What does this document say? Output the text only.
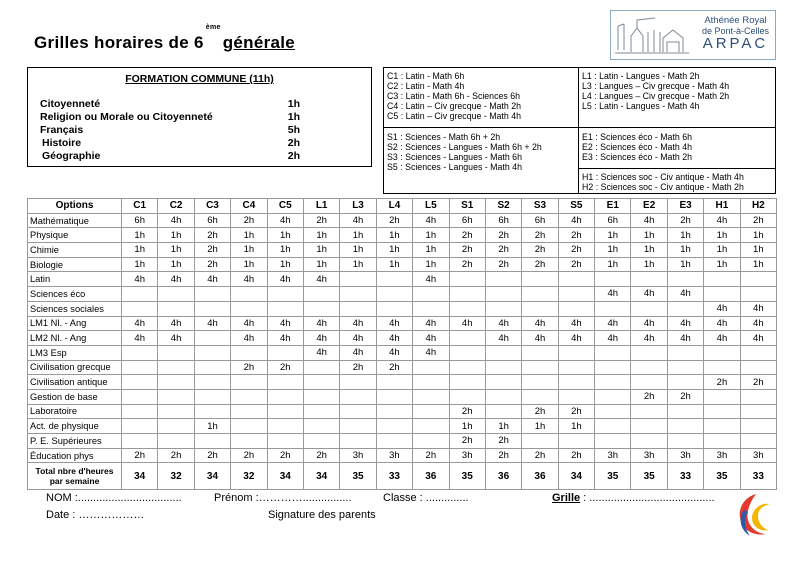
Grilles horaires de 6èmegénérale
Athénée Royal
de Pont-à-Celles
ARPAC
FORMATION COMMUNE (11h)
Citoyenneté	1h
Religion ou Morale ou Citoyenneté	1h
Français	5h
Histoire	2h
Géographie	2h
C1 : Latin - Math 6h
C2 : Latin - Math 4h
C3 : Latin - Math 6h - Sciences 6h
C4 : Latin – Civ grecque - Math 2h
C5 : Latin – Civ grecque - Math 4h
S1 : Sciences - Math 6h + 2h
S2 : Sciences - Langues - Math 6h + 2h
S3 : Sciences - Langues - Math 6h
S5 : Sciences - Langues - Math 4h
L1 : Latin - Langues - Math 2h
L3 : Langues – Civ grecque - Math 4h
L4 : Langues – Civ grecque - Math 2h
L5 : Latin - Langues - Math 4h
E1 : Sciences éco - Math 6h
E2 : Sciences éco - Math 4h
E3 : Sciences éco - Math 2h
H1 : Sciences soc - Civ antique - Math 4h
H2 : Sciences soc - Civ antique - Math 2h
Options	C1	C2	C3	C4	C5	L1	L3	L4	L5	S1	S2	S3	S5	E1	E2	E3	H1	H2
Mathématique	6h	4h	6h	2h	4h	2h	4h	2h	4h	6h	6h	6h	4h	6h	4h	2h	4h	2h
Physique	1h	1h	2h	1h	1h	1h	1h	1h	1h	2h	2h	2h	2h	1h	1h	1h	1h	1h
Chimie	1h	1h	2h	1h	1h	1h	1h	1h	1h	2h	2h	2h	2h	1h	1h	1h	1h	1h
Biologie	1h	1h	2h	1h	1h	1h	1h	1h	1h	2h	2h	2h	2h	1h	1h	1h	1h	1h
Latin	4h	4h	4h	4h	4h	4h			4h									
Sciences éco														4h	4h	4h		
Sciences sociales																	4h	4h
LM1 Nl. - Ang	4h	4h	4h	4h	4h	4h	4h	4h	4h	4h	4h	4h	4h	4h	4h	4h	4h	4h
LM2 Nl. - Ang	4h	4h		4h	4h	4h	4h	4h	4h		4h	4h	4h	4h	4h	4h	4h	4h
LM3 Esp						4h	4h	4h	4h									
Civilisation grecque				2h	2h		2h	2h										
Civilisation antique																	2h	2h
Gestion de base															2h	2h		
Laboratoire										2h		2h	2h					
Act. de physique			1h							1h	1h	1h	1h					
P. E. Supérieures										2h	2h							
Éducation phys	2h	2h	2h	2h	2h	2h	3h	3h	2h	3h	2h	2h	2h	3h	3h	3h	3h	3h
Total nbre d'heures par semaine	34	32	34	32	34	34	35	33	36	35	36	36	34	35	35	33	35	33
NOM :..................................	Prénom :…………................	Classe : ..............	Grille : .........................................
Date : ………………	Signature des parents
